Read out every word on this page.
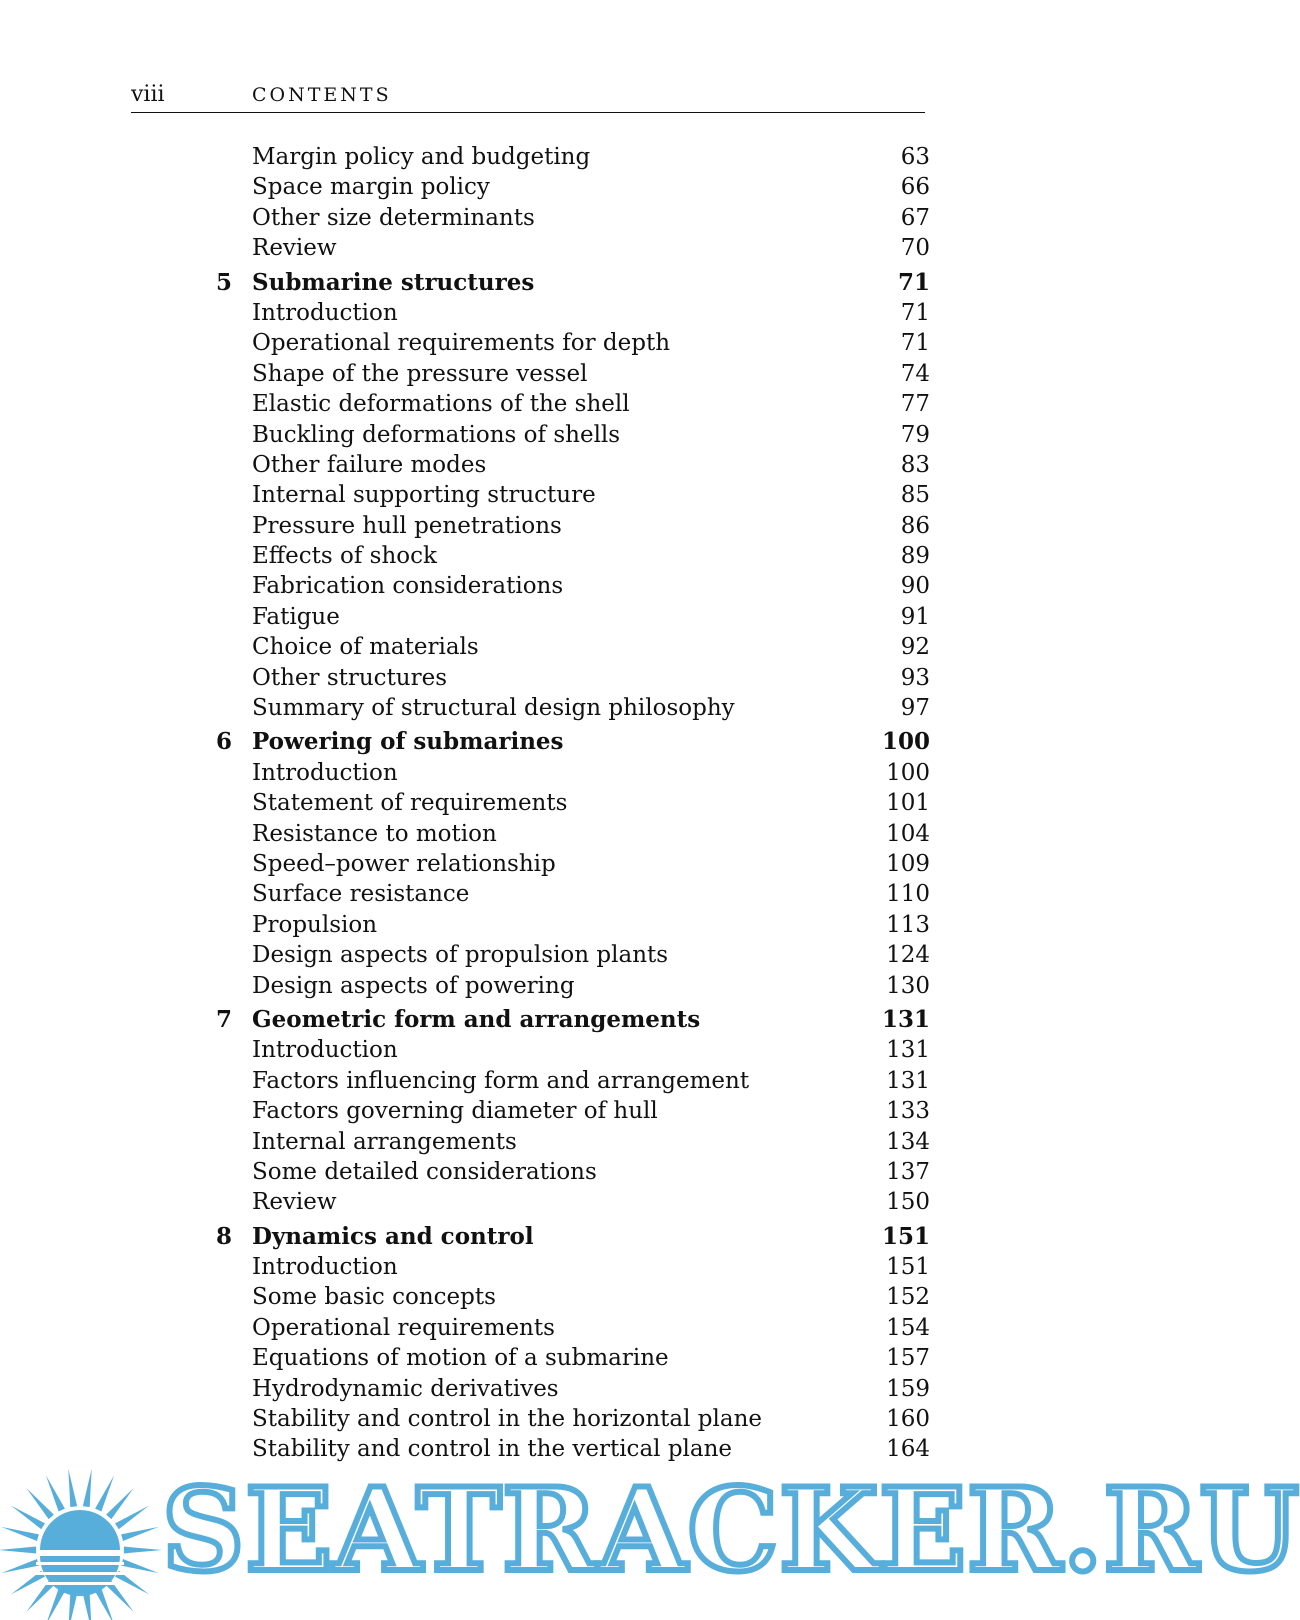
viii	CONTENTS
Margin policy and budgeting	63
Space margin policy	66
Other size determinants	67
Review	70
5 Submarine structures	71
Introduction	71
Operational requirements for depth	71
Shape of the pressure vessel	74
Elastic deformations of the shell	77
Buckling deformations of shells	79
Other failure modes	83
Internal supporting structure	85
Pressure hull penetrations	86
Effects of shock	89
Fabrication considerations	90
Fatigue	91
Choice of materials	92
Other structures	93
Summary of structural design philosophy	97
6 Powering of submarines	100
Introduction	100
Statement of requirements	101
Resistance to motion	104
Speed–power relationship	109
Surface resistance	110
Propulsion	113
Design aspects of propulsion plants	124
Design aspects of powering	130
7 Geometric form and arrangements	131
Introduction	131
Factors influencing form and arrangement	131
Factors governing diameter of hull	133
Internal arrangements	134
Some detailed considerations	137
Review	150
8 Dynamics and control	151
Introduction	151
Some basic concepts	152
Operational requirements	154
Equations of motion of a submarine	157
Hydrodynamic derivatives	159
Stability and control in the horizontal plane	160
Stability and control in the vertical plane	164
SEATRACKER.RU
